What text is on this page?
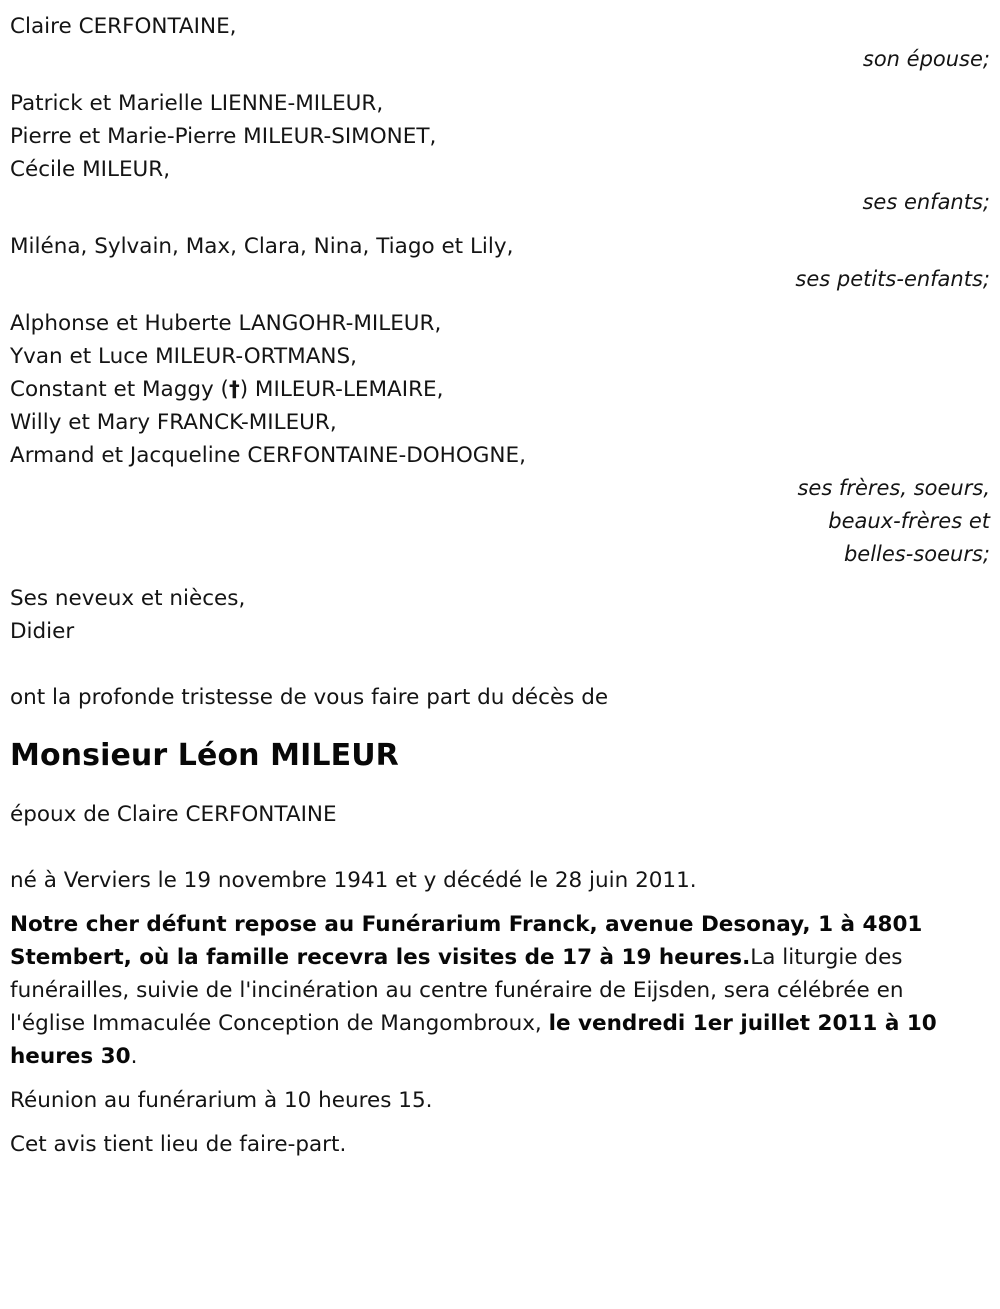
Claire CERFONTAINE,
son épouse;
Patrick et Marielle LIENNE-MILEUR,
Pierre et Marie-Pierre MILEUR-SIMONET,
Cécile MILEUR,
ses enfants;
Miléna, Sylvain, Max, Clara, Nina, Tiago et Lily,
ses petits-enfants;
Alphonse et Huberte LANGOHR-MILEUR,
Yvan et Luce MILEUR-ORTMANS,
Constant et Maggy (†) MILEUR-LEMAIRE,
Willy et Mary FRANCK-MILEUR,
Armand et Jacqueline CERFONTAINE-DOHOGNE,
ses frères, soeurs,
beaux-frères et
belles-soeurs;
Ses neveux et nièces,
Didier
ont la profonde tristesse de vous faire part du décès de
Monsieur Léon MILEUR
époux de Claire CERFONTAINE

né à Verviers le 19 novembre 1941 et y décédé le 28 juin 2011.

Notre cher défunt repose au Funérarium Franck, avenue Desonay, 1 à 4801 Stembert, où la famille recevra les visites de 17 à 19 heures.La liturgie des funérailles, suivie de l'incinération au centre funéraire de Eijsden, sera célébrée en l'église Immaculée Conception de Mangombroux, le vendredi 1er juillet 2011 à 10 heures 30.

Réunion au funérarium à 10 heures 15.

Cet avis tient lieu de faire-part.
